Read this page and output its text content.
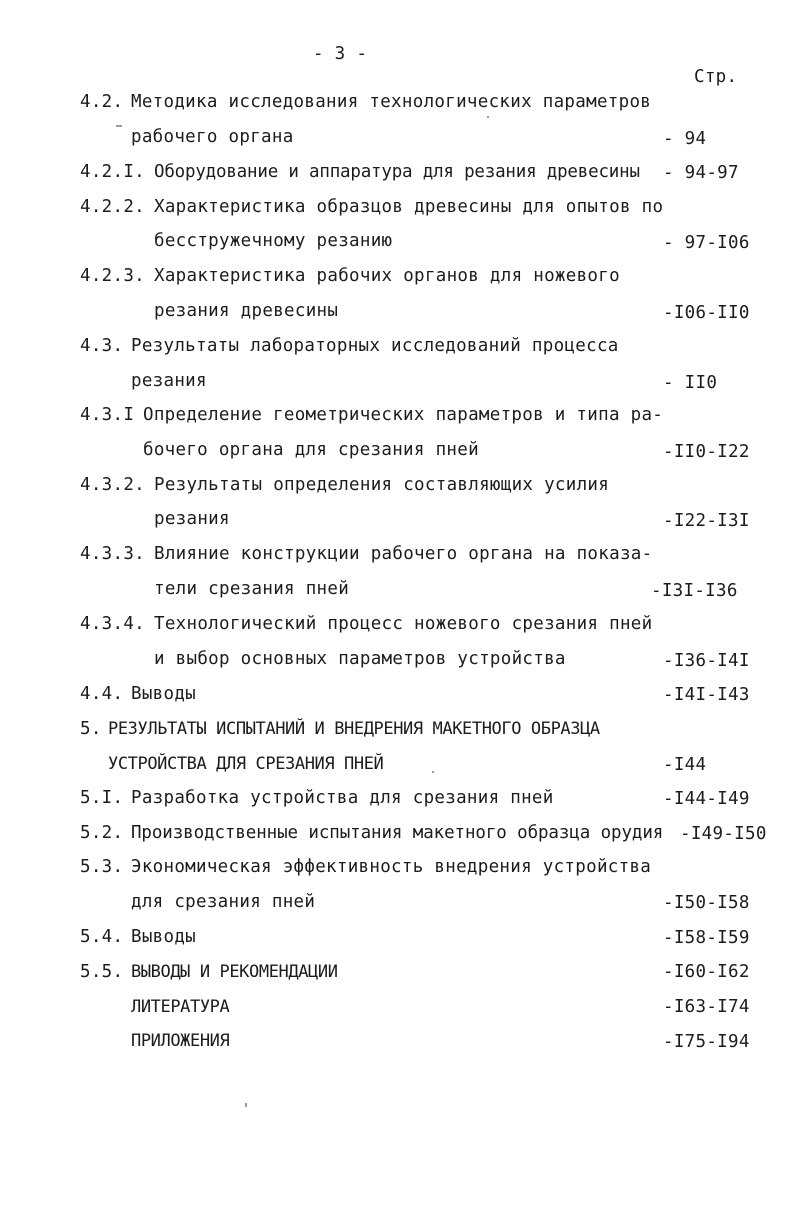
- 3 -
Стр.
4.2. Методика исследования технологических параметров
рабочего органа	- 94
4.2.I. Оборудование и аппаратура для резания древесины - 94-97
4.2.2. Характеристика образцов древесины для опытов по
бесстружечному резанию	- 97-I06
4.2.3. Характеристика рабочих органов для ножевого
резания древесины	-I06-II0
4.3. Результаты лабораторных исследований процесса
резания	- II0
4.3.I Определение геометрических параметров и типа ра-
бочего органа для срезания пней	-II0-I22
4.3.2. Результаты определения составляющих усилия
резания	-I22-I3I
4.3.3. Влияние конструкции рабочего органа на показа-
тели срезания пней	-I3I-I36
4.3.4. Технологический процесс ножевого срезания пней
и выбор основных параметров устройства	-I36-I4I
4.4. Выводы	-I4I-I43
5. РЕЗУЛЬТАТЫ ИСПЫТАНИЙ И ВНЕДРЕНИЯ МАКЕТНОГО ОБРАЗЦА
УСТРОЙСТВА ДЛЯ СРЕЗАНИЯ ПНЕЙ	-I44
5.I. Разработка устройства для срезания пней	-I44-I49
5.2. Производственные испытания макетного образца орудия -I49-I50
5.3. Экономическая эффективность внедрения устройства
для срезания пней	-I50-I58
5.4. Выводы	-I58-I59
5.5. ВЫВОДЫ И РЕКОМЕНДАЦИИ	-I60-I62
ЛИТЕРАТУРА	-I63-I74
ПРИЛОЖЕНИЯ	-I75-I94
